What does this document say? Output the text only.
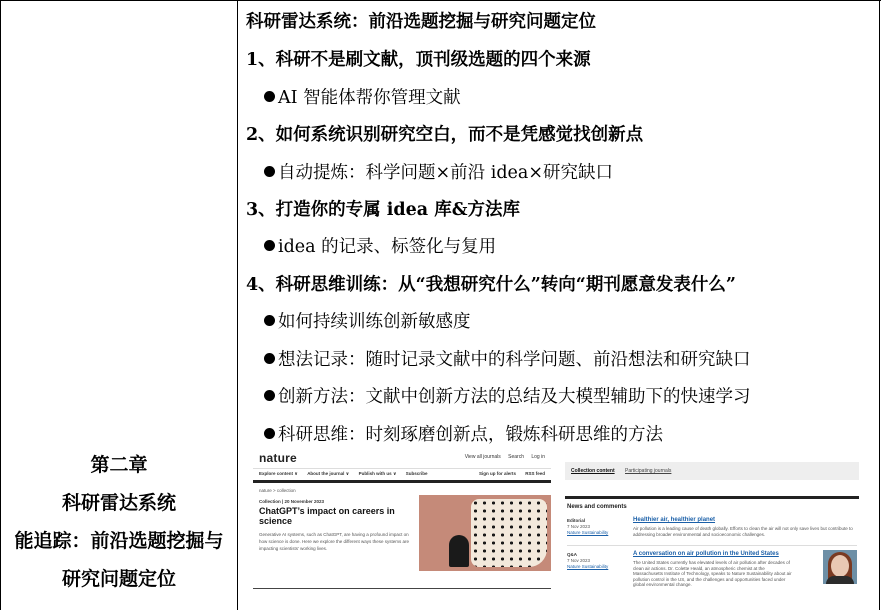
第二章
科研雷达系统
能追踪：前沿选题挖掘与
研究问题定位
科研雷达系统：前沿选题挖掘与研究问题定位
1、科研不是刷文献，顶刊级选题的四个来源
AI 智能体帮你管理文献
2、如何系统识别研究空白，而不是凭感觉找创新点
自动提炼：科学问题×前沿 idea×研究缺口
3、打造你的专属 idea 库&方法库
idea 的记录、标签化与复用
4、科研思维训练：从“我想研究什么”转向“期刊愿意发表什么”
如何持续训练创新敏感度
想法记录：随时记录文献中的科学问题、前沿想法和研究缺口
创新方法：文献中创新方法的总结及大模型辅助下的快速学习
科研思维：时刻琢磨创新点，锻炼科研思维的方法
nature	View all journals Search Log in
Explore content ∨ About the journal ∨ Publish with us ∨ Subscribe	Sign up for alerts RSS feed
nature > collection
Collection | 20 November 2023
ChatGPT’s impact on careers in science
Generative AI systems, such as ChatGPT, are having a profound impact on how science is done. Here we explore the different ways these systems are impacting scientists’ working lives.
Collection content Participating journals
News and comments
Editorial
7 Nov 2023
Nature Sustainability
Healthier air, healthier planet
Air pollution is a leading cause of death globally. Efforts to clean the air will not only save lives but contribute to addressing broader environmental and socioeconomic challenges.
Q&A
7 Nov 2023
Nature Sustainability
A conversation on air pollution in the United States
The United States currently has elevated levels of air pollution after decades of clean air actions. Dr. Colette Heald, an atmospheric chemist at the Massachusetts Institute of Technology, speaks to Nature Sustainability about air pollution control in the US, and the challenges and opportunities faced under global environmental change.
